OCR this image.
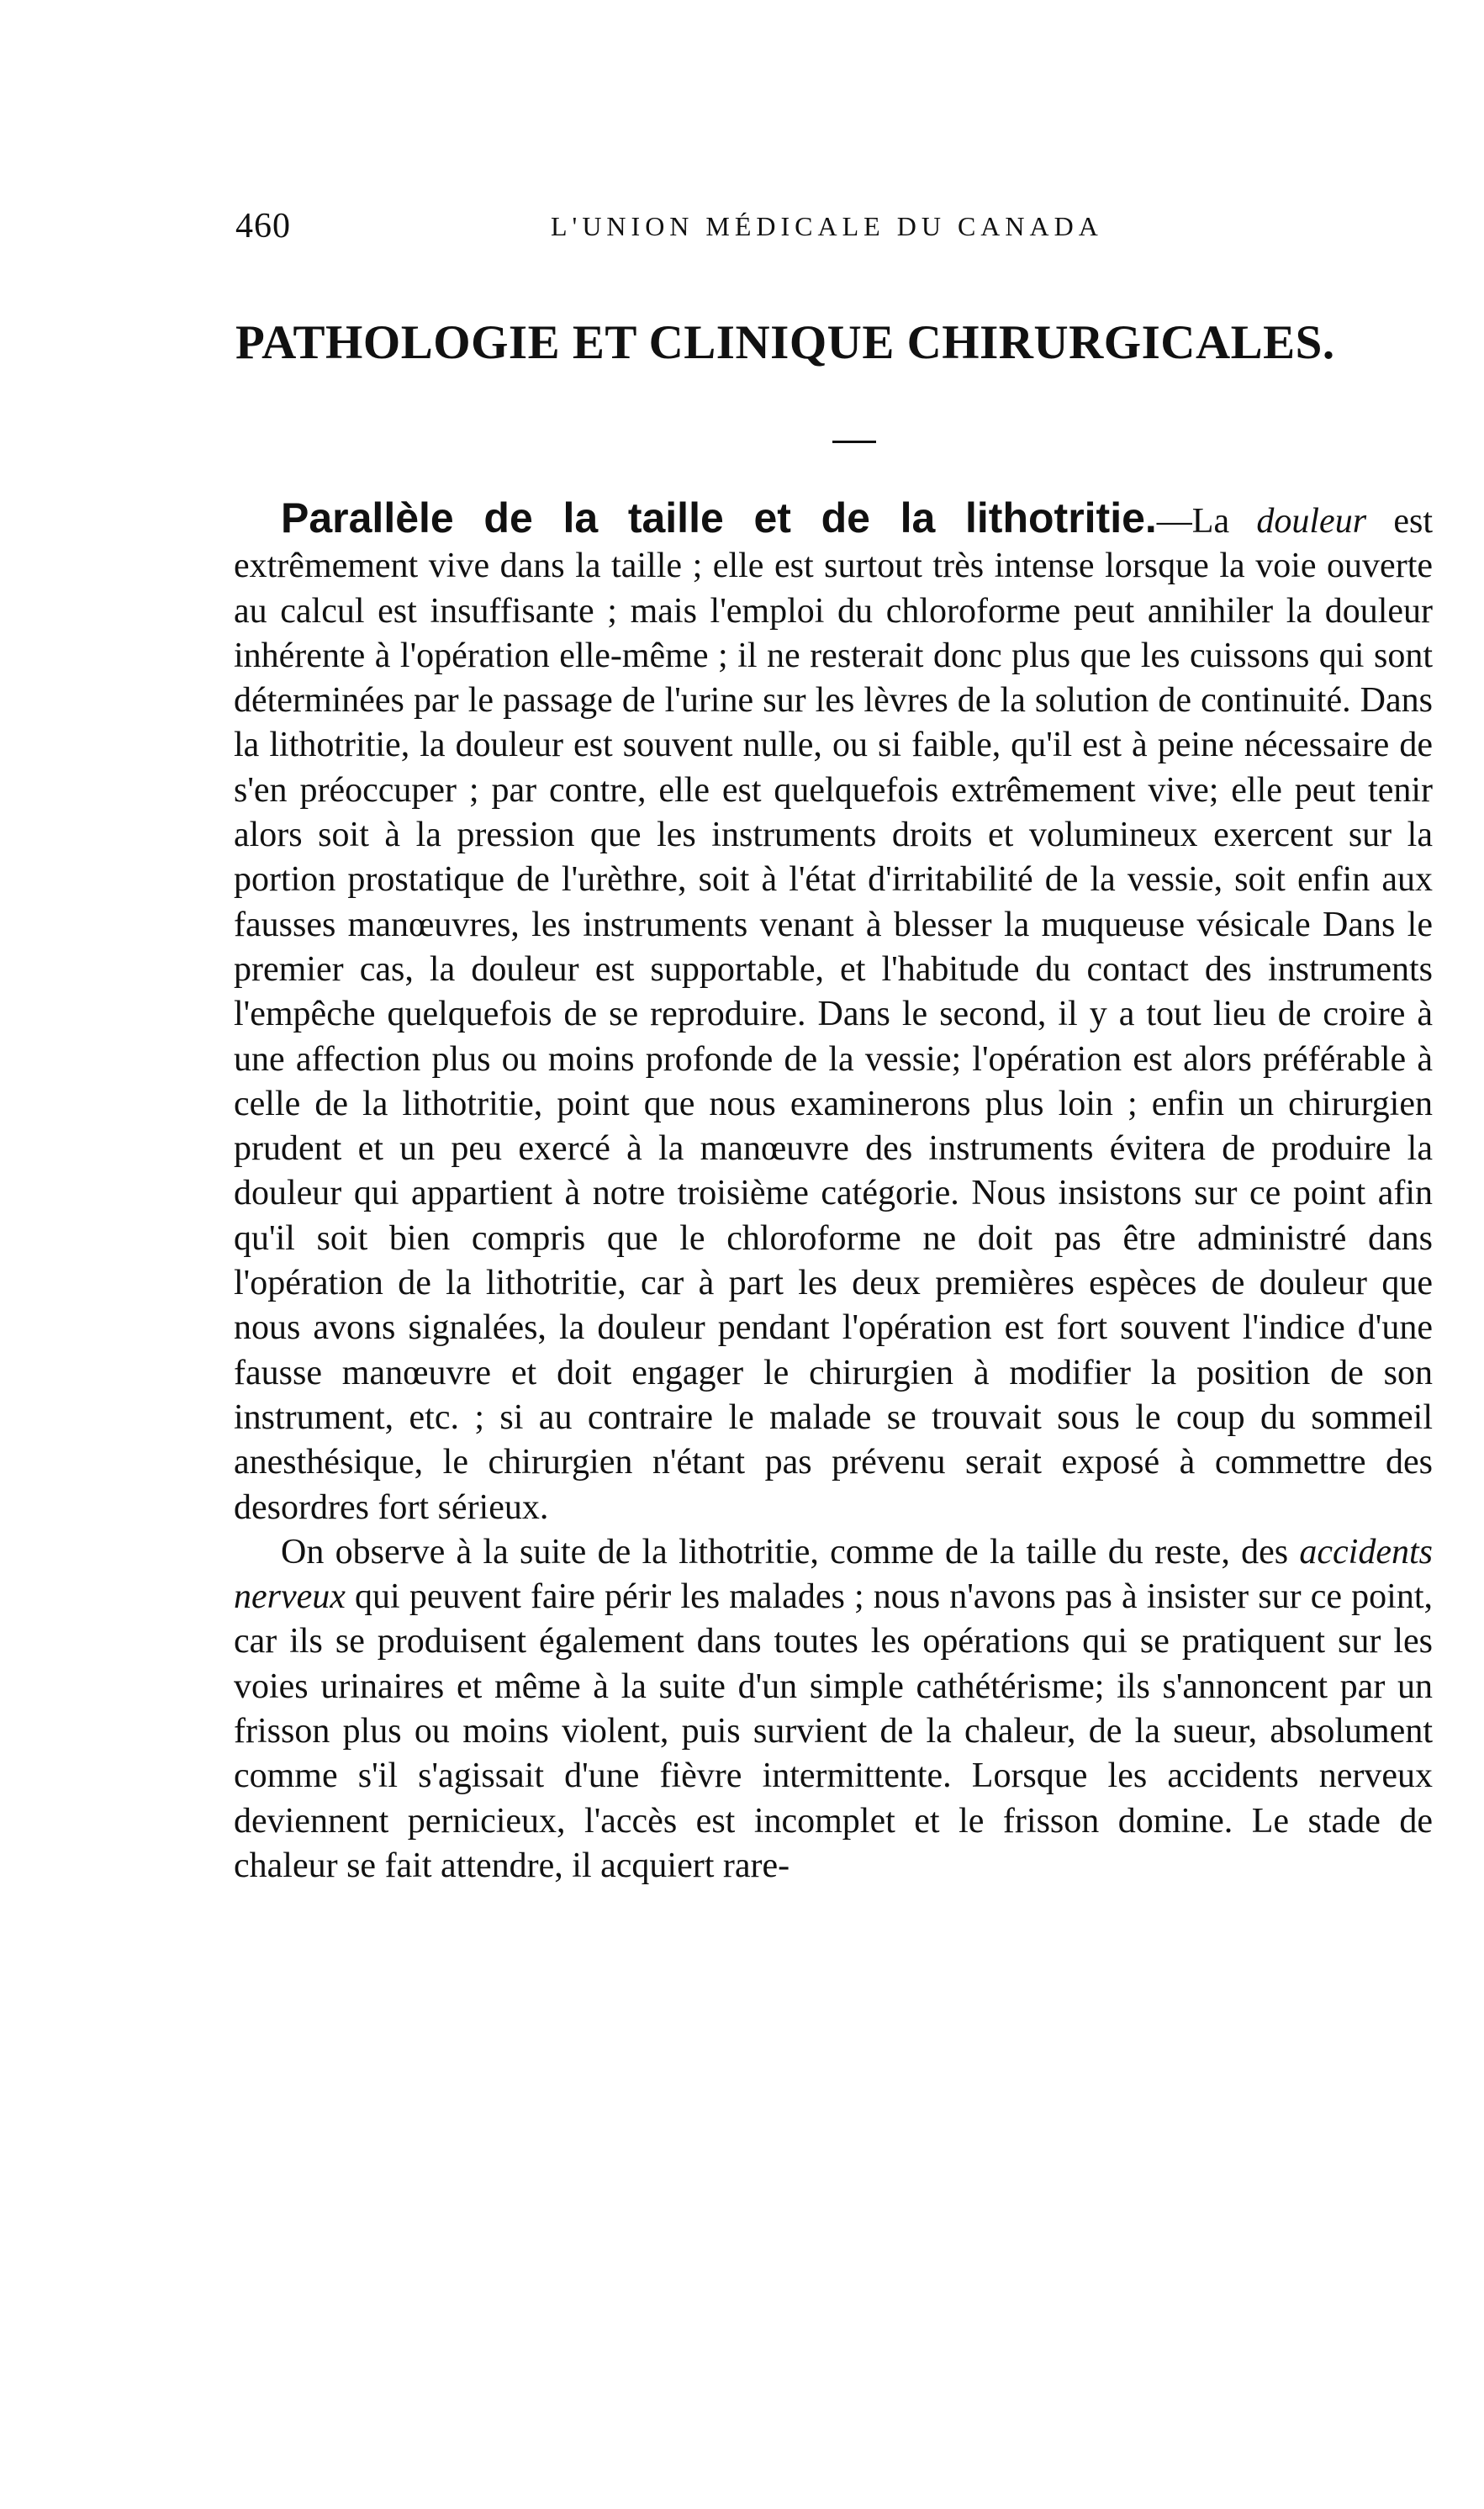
460	L'UNION MÉDICALE DU CANADA
PATHOLOGIE ET CLINIQUE CHIRURGICALES.

Parallèle de la taille et de la lithotritie.—La douleur est extrêmement vive dans la taille ; elle est surtout très intense lorsque la voie ouverte au calcul est insuffisante ; mais l'emploi du chloroforme peut annihiler la douleur inhérente à l'opération elle-même ; il ne resterait donc plus que les cuissons qui sont déterminées par le passage de l'urine sur les lèvres de la solution de continuité. Dans la lithotritie, la douleur est souvent nulle, ou si faible, qu'il est à peine nécessaire de s'en préoccuper ; par contre, elle est quelquefois extrêmement vive; elle peut tenir alors soit à la pression que les instruments droits et volumineux exercent sur la portion prostatique de l'urèthre, soit à l'état d'irritabilité de la vessie, soit enfin aux fausses manœuvres, les instruments venant à blesser la muqueuse vésicale Dans le premier cas, la douleur est supportable, et l'habitude du contact des instruments l'empêche quelquefois de se reproduire. Dans le second, il y a tout lieu de croire à une affection plus ou moins profonde de la vessie; l'opération est alors préférable à celle de la lithotritie, point que nous examinerons plus loin ; enfin un chirurgien prudent et un peu exercé à la manœuvre des instruments évitera de produire la douleur qui appartient à notre troisième catégorie. Nous insistons sur ce point afin qu'il soit bien compris que le chloroforme ne doit pas être administré dans l'opération de la lithotritie, car à part les deux premières espèces de douleur que nous avons signalées, la douleur pendant l'opération est fort souvent l'indice d'une fausse manœuvre et doit engager le chirurgien à modifier la position de son instrument, etc. ; si au contraire le malade se trouvait sous le coup du sommeil anesthésique, le chirurgien n'étant pas prévenu serait exposé à commettre des desordres fort sérieux.

On observe à la suite de la lithotritie, comme de la taille du reste, des accidents nerveux qui peuvent faire périr les malades ; nous n'avons pas à insister sur ce point, car ils se produisent également dans toutes les opérations qui se pratiquent sur les voies urinaires et même à la suite d'un simple cathétérisme; ils s'annoncent par un frisson plus ou moins violent, puis survient de la chaleur, de la sueur, absolument comme s'il s'agissait d'une fièvre intermittente. Lorsque les accidents nerveux deviennent pernicieux, l'accès est incomplet et le frisson domine. Le stade de chaleur se fait attendre, il acquiert rare-
